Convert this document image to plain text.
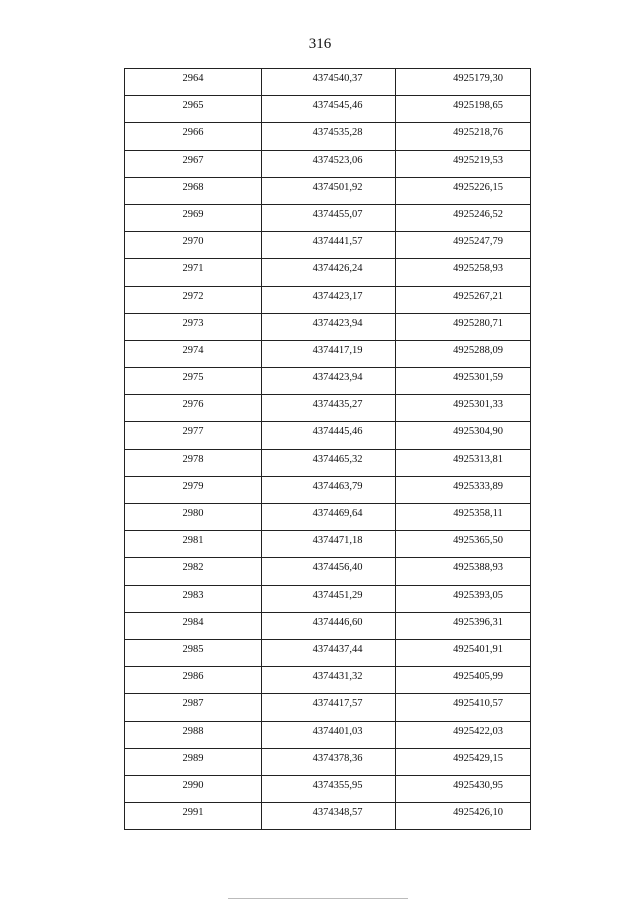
316
2964	4374540,37	4925179,30

2965	4374545,46	4925198,65

2966	4374535,28	4925218,76

2967	4374523,06	4925219,53

2968	4374501,92	4925226,15

2969	4374455,07	4925246,52

2970	4374441,57	4925247,79

2971	4374426,24	4925258,93

2972	4374423,17	4925267,21

2973	4374423,94	4925280,71

2974	4374417,19	4925288,09

2975	4374423,94	4925301,59

2976	4374435,27	4925301,33

2977	4374445,46	4925304,90

2978	4374465,32	4925313,81

2979	4374463,79	4925333,89

2980	4374469,64	4925358,11

2981	4374471,18	4925365,50

2982	4374456,40	4925388,93

2983	4374451,29	4925393,05

2984	4374446,60	4925396,31

2985	4374437,44	4925401,91

2986	4374431,32	4925405,99

2987	4374417,57	4925410,57

2988	4374401,03	4925422,03

2989	4374378,36	4925429,15

2990	4374355,95	4925430,95

2991	4374348,57	4925426,10
